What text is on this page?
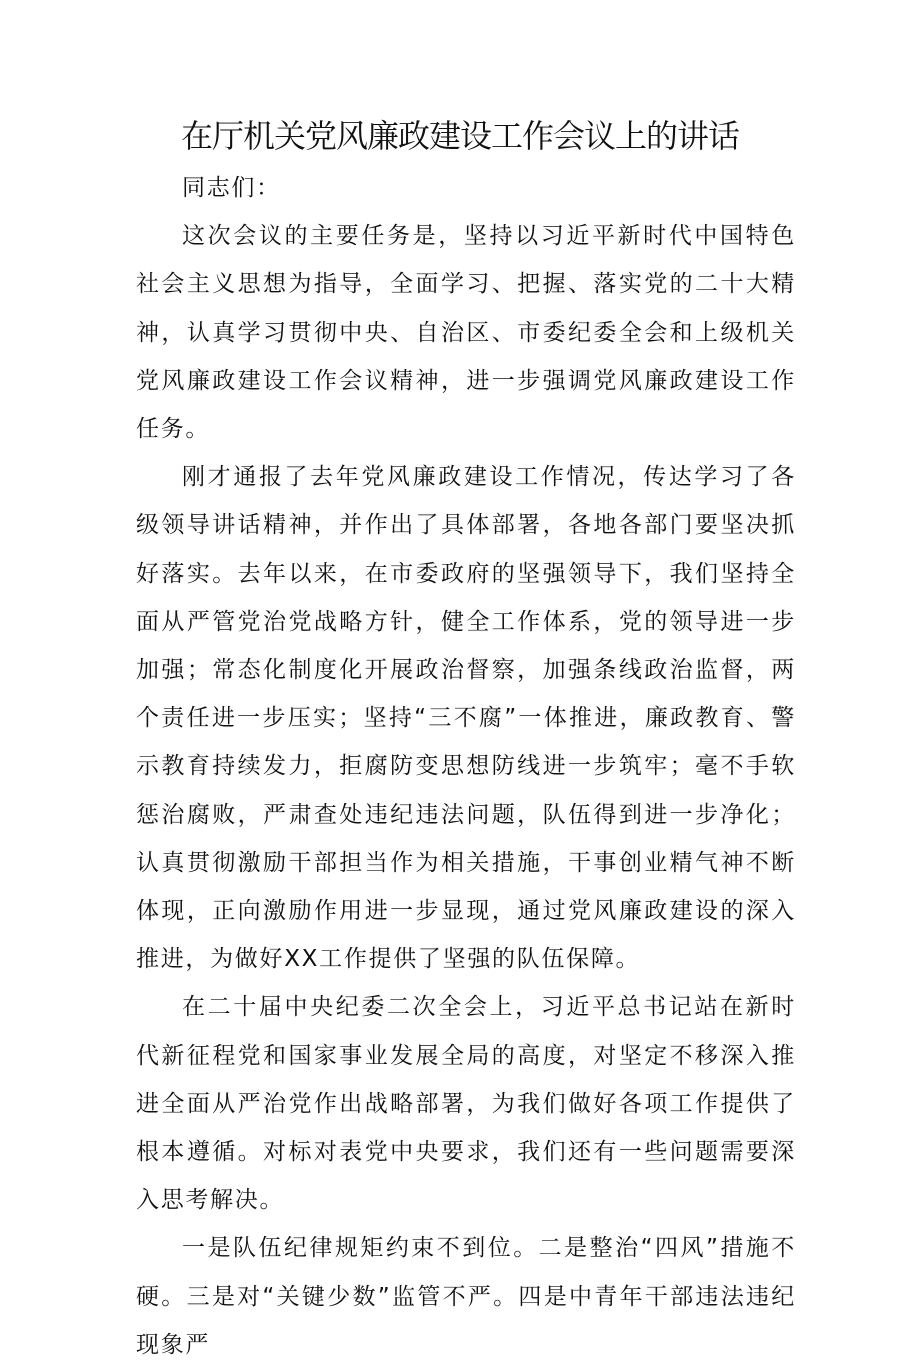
在厅机关党风廉政建设工作会议上的讲话

同志们：

这次会议的主要任务是，坚持以习近平新时代中国特色社会主义思想为指导，全面学习、把握、落实党的二十大精神，认真学习贯彻中央、自治区、市委纪委全会和上级机关党风廉政建设工作会议精神，进一步强调党风廉政建设工作任务。

刚才通报了去年党风廉政建设工作情况，传达学习了各级领导讲话精神，并作出了具体部署，各地各部门要坚决抓好落实。去年以来，在市委政府的坚强领导下，我们坚持全面从严管党治党战略方针，健全工作体系，党的领导进一步加强；常态化制度化开展政治督察，加强条线政治监督，两个责任进一步压实；坚持“三不腐”一体推进，廉政教育、警示教育持续发力，拒腐防变思想防线进一步筑牢；毫不手软惩治腐败，严肃查处违纪违法问题，队伍得到进一步净化；认真贯彻激励干部担当作为相关措施，干事创业精气神不断体现，正向激励作用进一步显现，通过党风廉政建设的深入推进，为做好XX工作提供了坚强的队伍保障。

在二十届中央纪委二次全会上，习近平总书记站在新时代新征程党和国家事业发展全局的高度，对坚定不移深入推进全面从严治党作出战略部署，为我们做好各项工作提供了根本遵循。对标对表党中央要求，我们还有一些问题需要深入思考解决。

一是队伍纪律规矩约束不到位。二是整治“四风”措施不硬。三是对“关键少数”监管不严。四是中青年干部违法违纪现象严
